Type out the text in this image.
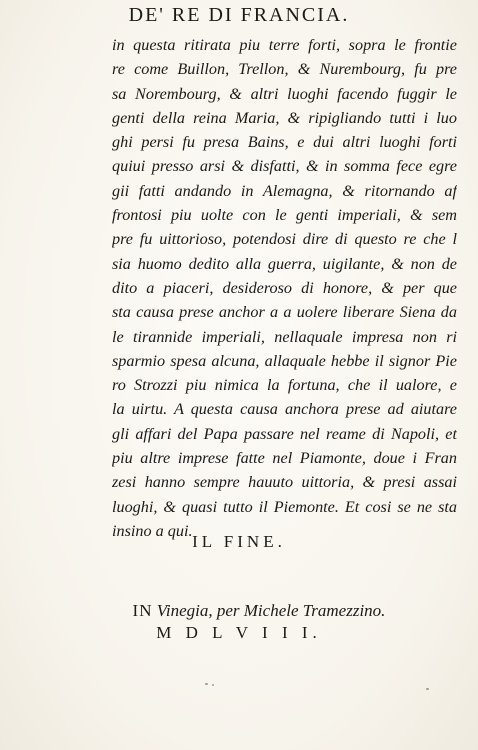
DE' RE DI FRANCIA.
in questa ritirata piu terre forti, sopra le frontie
re come Buillon, Trellon, & Nurembourg, fu pre
sa Norembourg, & altri luoghi facendo fuggir le
genti della reina Maria, & ripigliando tutti i luo
ghi persi fu presa Bains, e dui altri luoghi forti
quiui presso arsi & disfatti, & in somma fece egre
gii fatti andando in Alemagna, & ritornando af
frontosi piu uolte con le genti imperiali, & sem
pre fu uittorioso, potendosi dire di questo re che l
sia huomo dedito alla guerra, uigilante, & non de
dito a piaceri, desideroso di honore, & per que
sta causa prese anchor a a uolere liberare Siena da
le tirannide imperiali, nellaquale impresa non ri
sparmio spesa alcuna, allaquale hebbe il signor Pie
ro Strozzi piu nimica la fortuna, che il ualore, e
la uirtu. A questa causa anchora prese ad aiutare
gli affari del Papa passare nel reame di Napoli, et
piu altre imprese fatte nel Piamonte, doue i Fran
zesi hanno sempre hauuto uittoria, & presi assai
luoghi, & quasi tutto il Piemonte. Et cosi se ne sta
insino a qui.
IL FINE.
IN Vinegia, per Michele Tramezzino.
M D L V I I I.
